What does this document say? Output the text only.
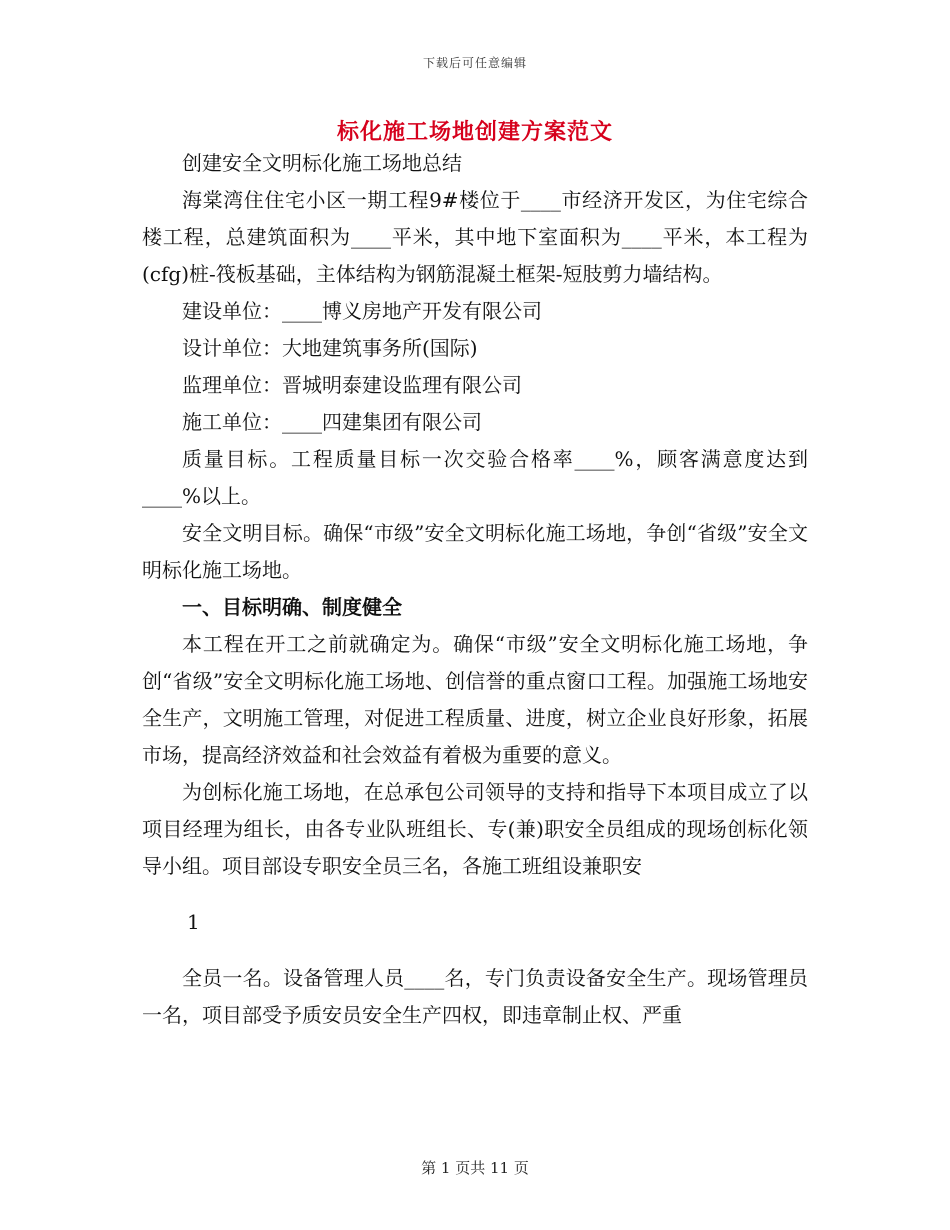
下载后可任意编辑
标化施工场地创建方案范文

创建安全文明标化施工场地总结

海棠湾住住宅小区一期工程9#楼位于____市经济开发区，为住宅综合楼工程，总建筑面积为____平米，其中地下室面积为____平米，本工程为(cfg)桩-筏板基础，主体结构为钢筋混凝土框架-短肢剪力墙结构。

建设单位：____博义房地产开发有限公司

设计单位：大地建筑事务所(国际)

监理单位：晋城明泰建设监理有限公司

施工单位：____四建集团有限公司

质量目标。工程质量目标一次交验合格率____%，顾客满意度达到____%以上。

安全文明目标。确保“市级”安全文明标化施工场地，争创“省级”安全文明标化施工场地。

一、目标明确、制度健全

本工程在开工之前就确定为。确保“市级”安全文明标化施工场地，争创“省级”安全文明标化施工场地、创信誉的重点窗口工程。加强施工场地安全生产，文明施工管理，对促进工程质量、进度，树立企业良好形象，拓展市场，提高经济效益和社会效益有着极为重要的意义。

为创标化施工场地，在总承包公司领导的支持和指导下本项目成立了以项目经理为组长，由各专业队班组长、专(兼)职安全员组成的现场创标化领导小组。项目部设专职安全员三名，各施工班组设兼职安

1

全员一名。设备管理人员____名，专门负责设备安全生产。现场管理员一名，项目部受予质安员安全生产四权，即违章制止权、严重

第 1 页共 11 页
